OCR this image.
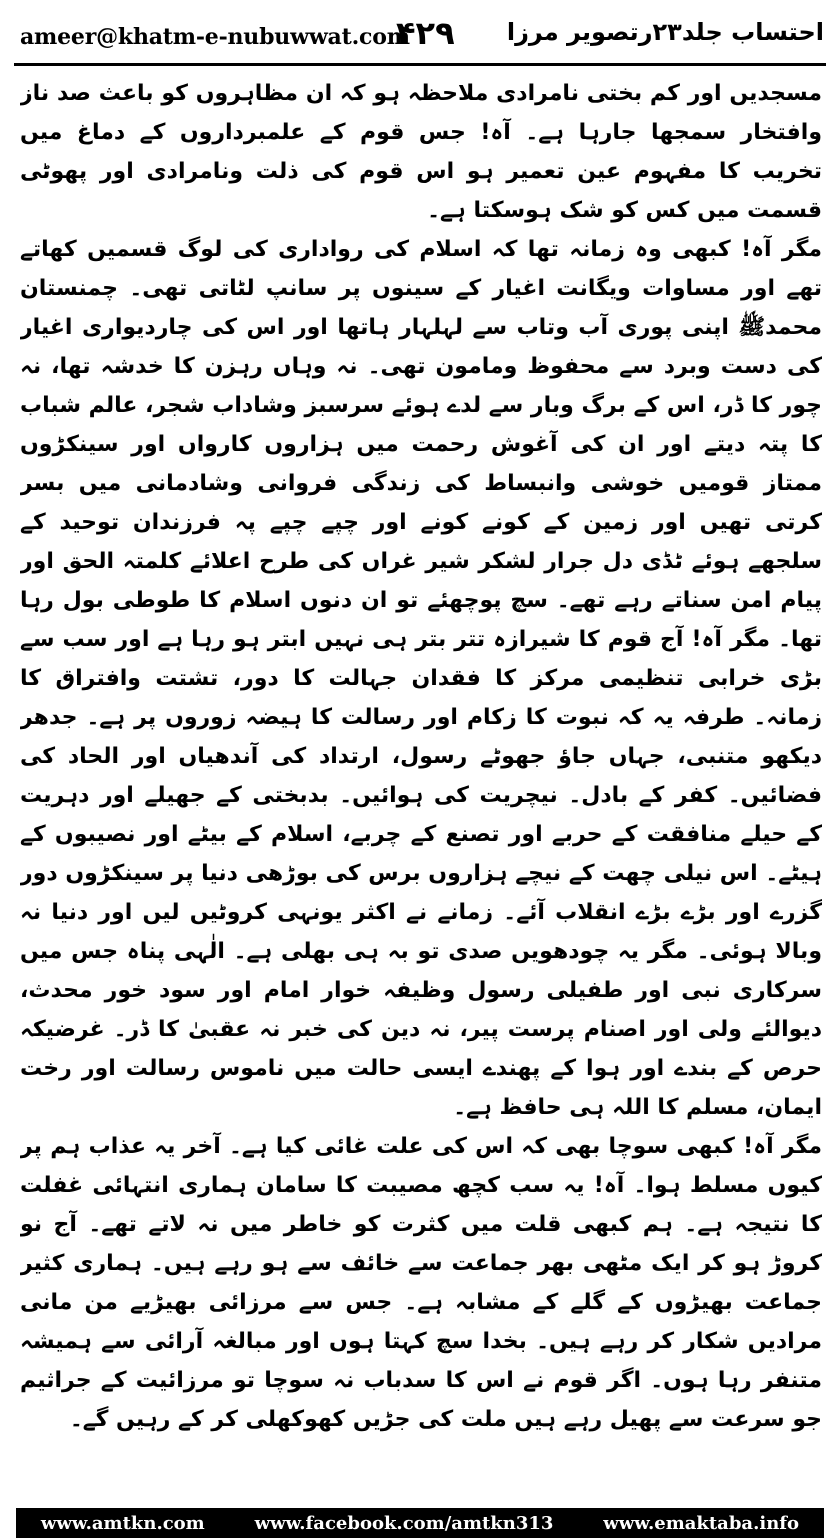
ameer@khatm-e-nubuwwat.com
۴۲۹ احتساب جلد۲۳رتصویر مرزا

مسجدیں اور کم بختی نامرادی ملاحظہ ہو کہ ان مظاہروں کو باعث صد ناز وافتخار سمجھا جارہا ہے۔ آہ! جس قوم کے علمبرداروں کے دماغ میں تخریب کا مفہوم عین تعمیر ہو اس قوم کی ذلت ونامرادی اور پھوٹی قسمت میں کس کو شک ہوسکتا ہے۔

مگر آہ! کبھی وہ زمانہ تھا کہ اسلام کی رواداری کی لوگ قسمیں کھاتے تھے اور مساوات ویگانت اغیار کے سینوں پر سانپ لٹاتی تھی۔ چمنستان محمدﷺ اپنی پوری آب وتاب سے لہلہار ہاتھا اور اس کی چاردیواری اغیار کی دست وبرد سے محفوظ ومامون تھی۔ نہ وہاں رہزن کا خدشہ تھا، نہ چور کا ڈر، اس کے برگ وبار سے لدے ہوئے سرسبز وشاداب شجر، عالم شباب کا پتہ دیتے اور ان کی آغوش رحمت میں ہزاروں کارواں اور سینکڑوں ممتاز قومیں خوشی وانبساط کی زندگی فروانی وشادمانی میں بسر کرتی تھیں اور زمین کے کونے کونے اور چپے چپے پہ فرزندان توحید کے سلجھے ہوئے ٹڈی دل جرار لشکر شیر غراں کی طرح اعلائے کلمتہ الحق اور پیام امن سناتے رہے تھے۔ سچ پوچھئے تو ان دنوں اسلام کا طوطی بول رہا تھا۔ مگر آہ! آج قوم کا شیرازہ تتر بتر ہی نہیں ابتر ہو رہا ہے اور سب سے بڑی خرابی تنظیمی مرکز کا فقدان جہالت کا دور، تشتت وافتراق کا زمانہ۔ طرفہ یہ کہ نبوت کا زکام اور رسالت کا ہیضہ زوروں پر ہے۔ جدھر دیکھو متنبی، جہاں جاؤ جھوٹے رسول، ارتداد کی آندھیاں اور الحاد کی فضائیں۔ کفر کے بادل۔ نیچریت کی ہوائیں۔ بدبختی کے جھیلے اور دہریت کے حیلے منافقت کے حربے اور تصنع کے چربے، اسلام کے بیٹے اور نصیبوں کے ہیٹے۔ اس نیلی چھت کے نیچے ہزاروں برس کی بوڑھی دنیا پر سینکڑوں دور گزرے اور بڑے بڑے انقلاب آئے۔ زمانے نے اکثر یونہی کروٹیں لیں اور دنیا نہ وبالا ہوئی۔ مگر یہ چودھویں صدی تو بہ ہی بھلی ہے۔ الٰہی پناہ جس میں سرکاری نبی اور طفیلی رسول وظیفہ خوار امام اور سود خور محدث، دیوالئے ولی اور اصنام پرست پیر، نہ دین کی خبر نہ عقبیٰ کا ڈر۔ غرضیکہ حرص کے بندے اور ہوا کے پھندے ایسی حالت میں ناموس رسالت اور رخت ایمان، مسلم کا اللہ ہی حافظ ہے۔

مگر آہ! کبھی سوچا بھی کہ اس کی علت غائی کیا ہے۔ آخر یہ عذاب ہم پر کیوں مسلط ہوا۔ آہ! یہ سب کچھ مصیبت کا سامان ہماری انتہائی غفلت کا نتیجہ ہے۔ ہم کبھی قلت میں کثرت کو خاطر میں نہ لاتے تھے۔ آج نو کروڑ ہو کر ایک مٹھی بھر جماعت سے خائف سے ہو رہے ہیں۔ ہماری کثیر جماعت بھیڑوں کے گلے کے مشابہ ہے۔ جس سے مرزائی بھیڑیے من مانی مرادیں شکار کر رہے ہیں۔ بخدا سچ کہتا ہوں اور مبالغہ آرائی سے ہمیشہ متنفر رہا ہوں۔ اگر قوم نے اس کا سدباب نہ سوچا تو مرزائیت کے جراثیم جو سرعت سے پھیل رہے ہیں ملت کی جڑیں کھوکھلی کر کے رہیں گے۔

www.amtkn.com	www.facebook.com/amtkn313	www.emaktaba.info
